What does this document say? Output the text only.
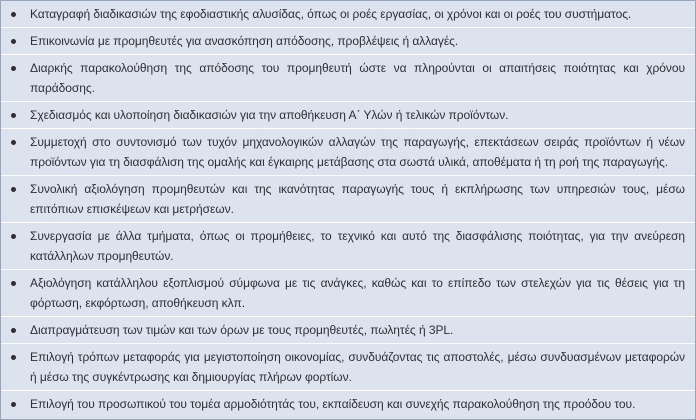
Καταγραφή διαδικασιών της εφοδιαστικής αλυσίδας, όπως οι ροές εργασίας, οι χρόνοι και οι ροές του συστήματος.
Επικοινωνία με προμηθευτές για ανασκόπηση απόδοσης, προβλέψεις ή αλλαγές.
Διαρκής παρακολούθηση της απόδοσης του προμηθευτή ώστε να πληρούνται οι απαιτήσεις ποιότητας και χρόνου παράδοσης.
Σχεδιασμός και υλοποίηση διαδικασιών για την αποθήκευση Α΄ Υλών ή τελικών προϊόντων.
Συμμετοχή στο συντονισμό των τυχόν μηχανολογικών αλλαγών της παραγωγής, επεκτάσεων σειράς προϊόντων ή νέων προϊόντων για τη διασφάλιση της ομαλής και έγκαιρης μετάβασης στα σωστά υλικά, αποθέματα ή τη ροή της παραγωγής.
Συνολική αξιολόγηση προμηθευτών και της ικανότητας παραγωγής τους ή εκπλήρωσης των υπηρεσιών τους, μέσω επιτόπιων επισκέψεων και μετρήσεων.
Συνεργασία με άλλα τμήματα, όπως οι προμήθειες, το τεχνικό και αυτό της διασφάλισης ποιότητας, για την ανεύρεση κατάλληλων προμηθευτών.
Αξιολόγηση κατάλληλου εξοπλισμού σύμφωνα με τις ανάγκες, καθώς και το επίπεδο των στελεχών για τις θέσεις για τη φόρτωση, εκφόρτωση, αποθήκευση κλπ.
Διαπραγμάτευση των τιμών και των όρων με τους προμηθευτές, πωλητές ή 3PL.
Επιλογή τρόπων μεταφοράς για μεγιστοποίηση οικονομίας, συνδυάζοντας τις αποστολές, μέσω συνδυασμένων μεταφορών ή μέσω της συγκέντρωσης και δημιουργίας πλήρων φορτίων.
Επιλογή του προσωπικού του τομέα αρμοδιότητάς του, εκπαίδευση και συνεχής παρακολούθηση της προόδου του.
